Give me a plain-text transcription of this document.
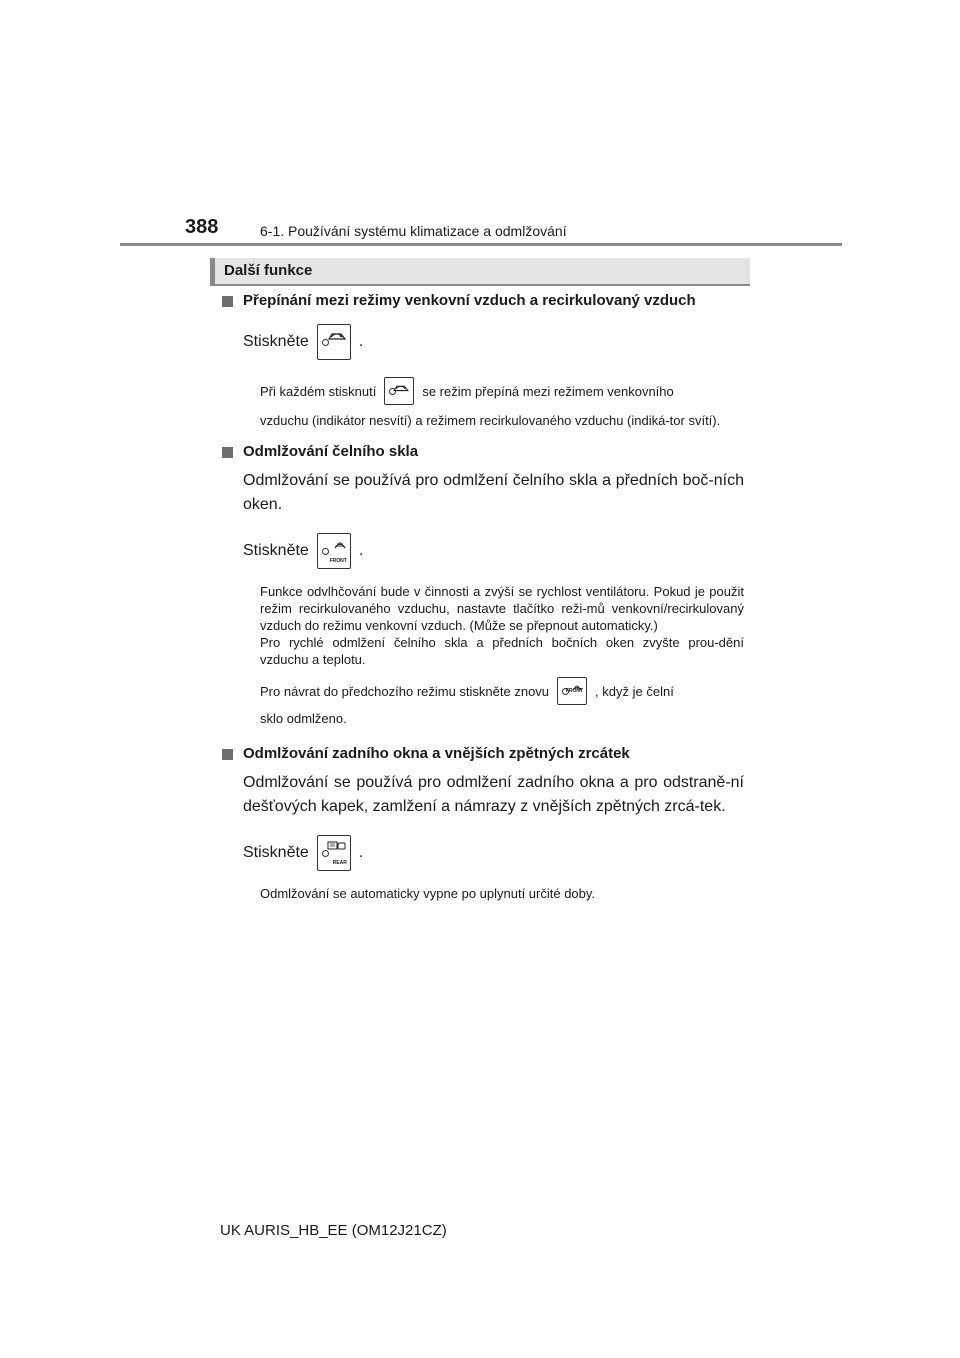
388	6-1. Používání systému klimatizace a odmlžování
Další funkce
Přepínání mezi režimy venkovní vzduch a recirkulovaný vzduch
Stiskněte	.
Při každém stisknutí	se režim přepíná mezi režimem venkovního

vzduchu (indikátor nesvítí) a režimem recirkulovaného vzduchu (indiká-tor svítí).

Odmlžování čelního skla

Odmlžování se používá pro odmlžení čelního skla a předních boč-ních oken.

Stiskněte
FRONT
.

Funkce odvlhčování bude v činnosti a zvýší se rychlost ventilátoru. Pokud je použit režim recirkulovaného vzduchu, nastavte tlačítko reži-mů venkovní/recirkulovaný vzduch do režimu venkovní vzduch. (Může se přepnout automaticky.)

Pro rychlé odmlžení čelního skla a předních bočních oken zvyšte prou-dění vzduchu a teplotu.

Pro návrat do předchozího režimu stiskněte znovu	FRONT , když je čelní

sklo odmlženo.

Odmlžování zadního okna a vnějších zpětných zrcátek

Odmlžování se používá pro odmlžení zadního okna a pro odstraně-ní dešťových kapek, zamlžení a námrazy z vnějších zpětných zrcá-tek.

Stiskněte
REAR
.

Odmlžování se automaticky vypne po uplynutí určité doby.

UK AURIS_HB_EE (OM12J21CZ)
